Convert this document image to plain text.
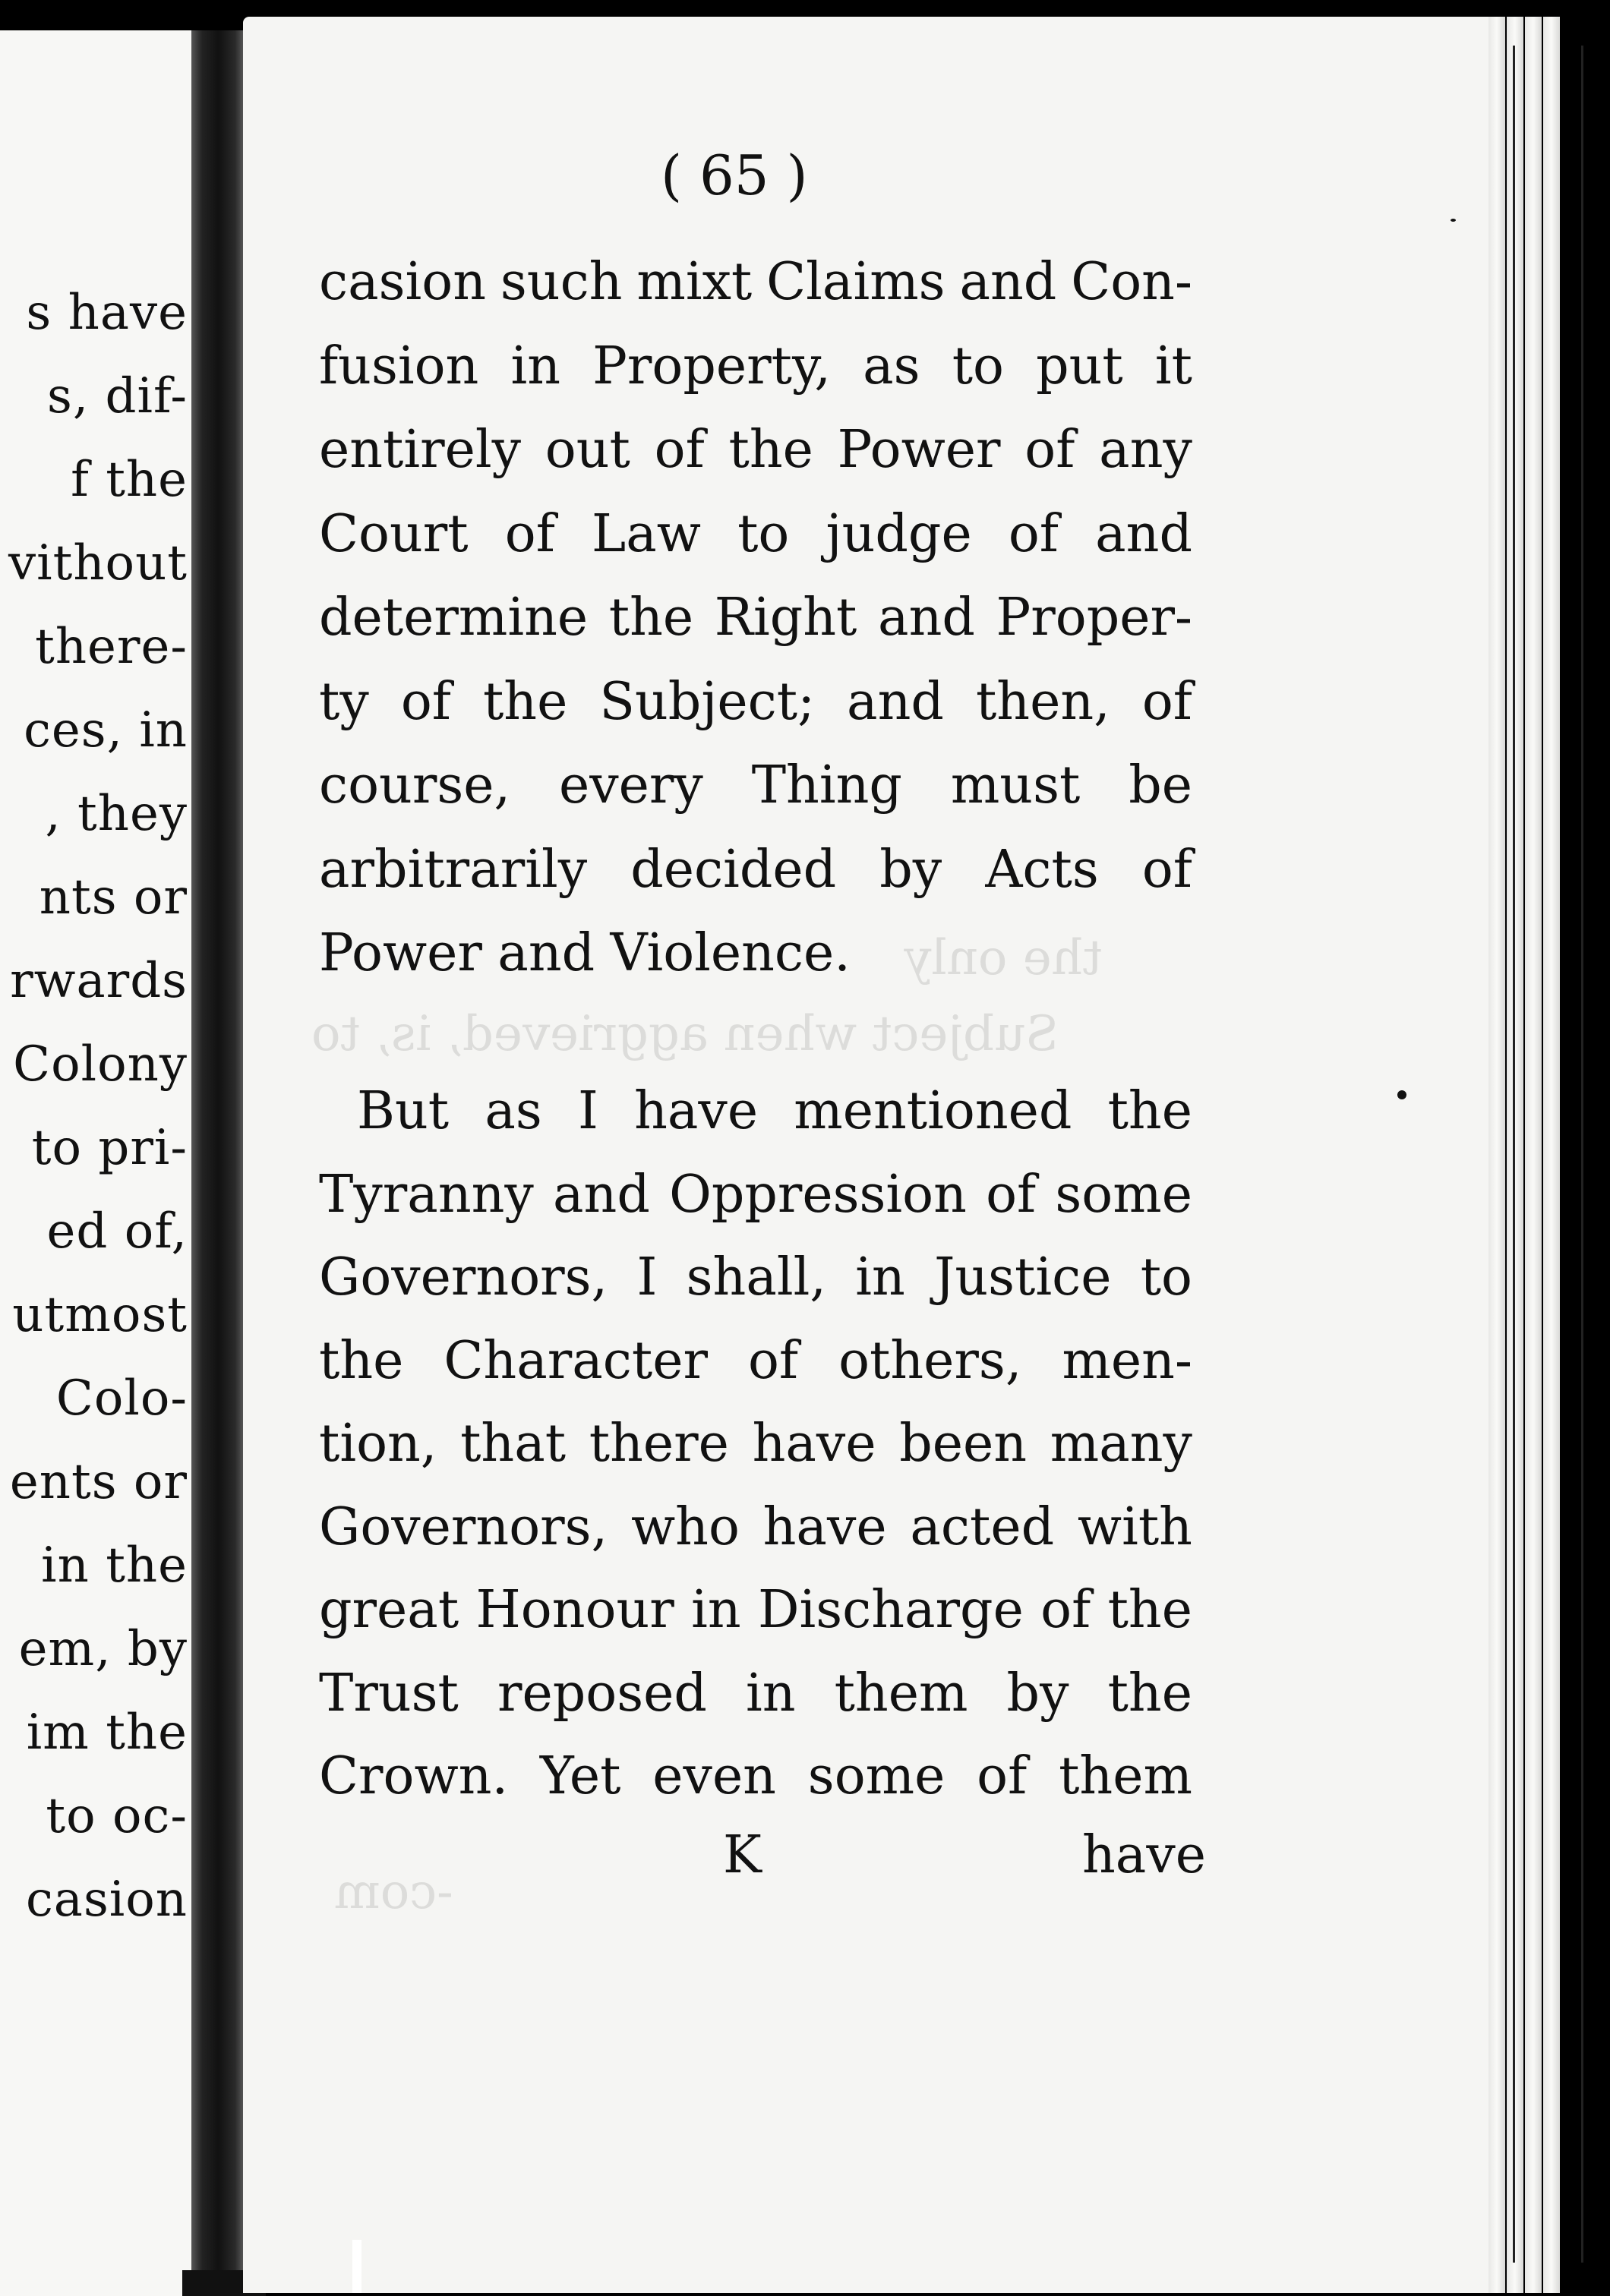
s have
s, dif-
f the
vithout
there-
ces, in
, they
nts or
rwards
Colony
to pri-
ed of,
utmost
Colo-
ents or
in the
em, by
im the
to oc-
casion
the only
Subject when aggrieved, is, to
-com
( 65 )
casion such mixt Claims and Con-
fusion in Property, as to put it
entirely out of the Power of any
Court of Law to judge of and
determine the Right and Proper-
ty of the Subject; and then, of
course, every Thing must be
arbitrarily decided by Acts of
Power and Violence.
But as I have mentioned the
Tyranny and Oppression of some
Governors, I shall, in Justice to
the Character of others, men-
tion, that there have been many
Governors, who have acted with
great Honour in Discharge of the
Trust reposed in them by the
Crown. Yet even some of them
K	have
